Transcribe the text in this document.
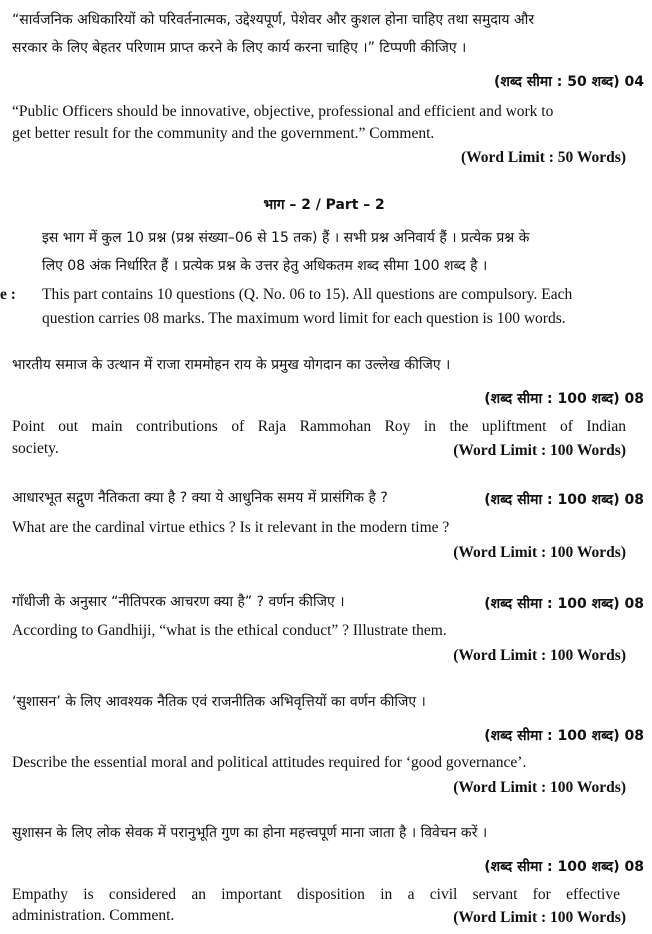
“सार्वजनिक अधिकारियों को परिवर्तनात्मक, उद्देश्यपूर्ण, पेशेवर और कुशल होना चाहिए तथा समुदाय और
सरकार के लिए बेहतर परिणाम प्राप्त करने के लिए कार्य करना चाहिए ।” टिप्पणी कीजिए ।
(शब्द सीमा : 50 शब्द) 04
“Public Officers should be innovative, objective, professional and efficient and work to
get better result for the community and the government.” Comment.
(Word Limit : 50 Words)
भाग – 2 / Part – 2
इस भाग में कुल 10 प्रश्न (प्रश्न संख्या–06 से 15 तक) हैं । सभी प्रश्न अनिवार्य हैं । प्रत्येक प्रश्न के
लिए 08 अंक निर्धारित हैं । प्रत्येक प्रश्न के उत्तर हेतु अधिकतम शब्द सीमा 100 शब्द है ।
e : This part contains 10 questions (Q. No. 06 to 15). All questions are compulsory. Each
question carries 08 marks. The maximum word limit for each question is 100 words.
भारतीय समाज के उत्थान में राजा राममोहन राय के प्रमुख योगदान का उल्लेख कीजिए ।
(शब्द सीमा : 100 शब्द) 08
Point out main contributions of Raja Rammohan Roy in the upliftment of Indian
society.	(Word Limit : 100 Words)
आधारभूत सद्गुण नैतिकता क्या है ? क्या ये आधुनिक समय में प्रासंगिक है ?	(शब्द सीमा : 100 शब्द) 08
What are the cardinal virtue ethics ? Is it relevant in the modern time ?
(Word Limit : 100 Words)
गाँधीजी के अनुसार “नीतिपरक आचरण क्या है” ? वर्णन कीजिए ।	(शब्द सीमा : 100 शब्द) 08
According to Gandhiji, “what is the ethical conduct” ? Illustrate them.
(Word Limit : 100 Words)
‘सुशासन’ के लिए आवश्यक नैतिक एवं राजनीतिक अभिवृत्तियों का वर्णन कीजिए ।
(शब्द सीमा : 100 शब्द) 08
Describe the essential moral and political attitudes required for ‘good governance’.
(Word Limit : 100 Words)
सुशासन के लिए लोक सेवक में परानुभूति गुण का होना महत्त्वपूर्ण माना जाता है । विवेचन करें ।
(शब्द सीमा : 100 शब्द) 08
Empathy is considered an important disposition in a civil servant for effective
administration. Comment.	(Word Limit : 100 Words)
